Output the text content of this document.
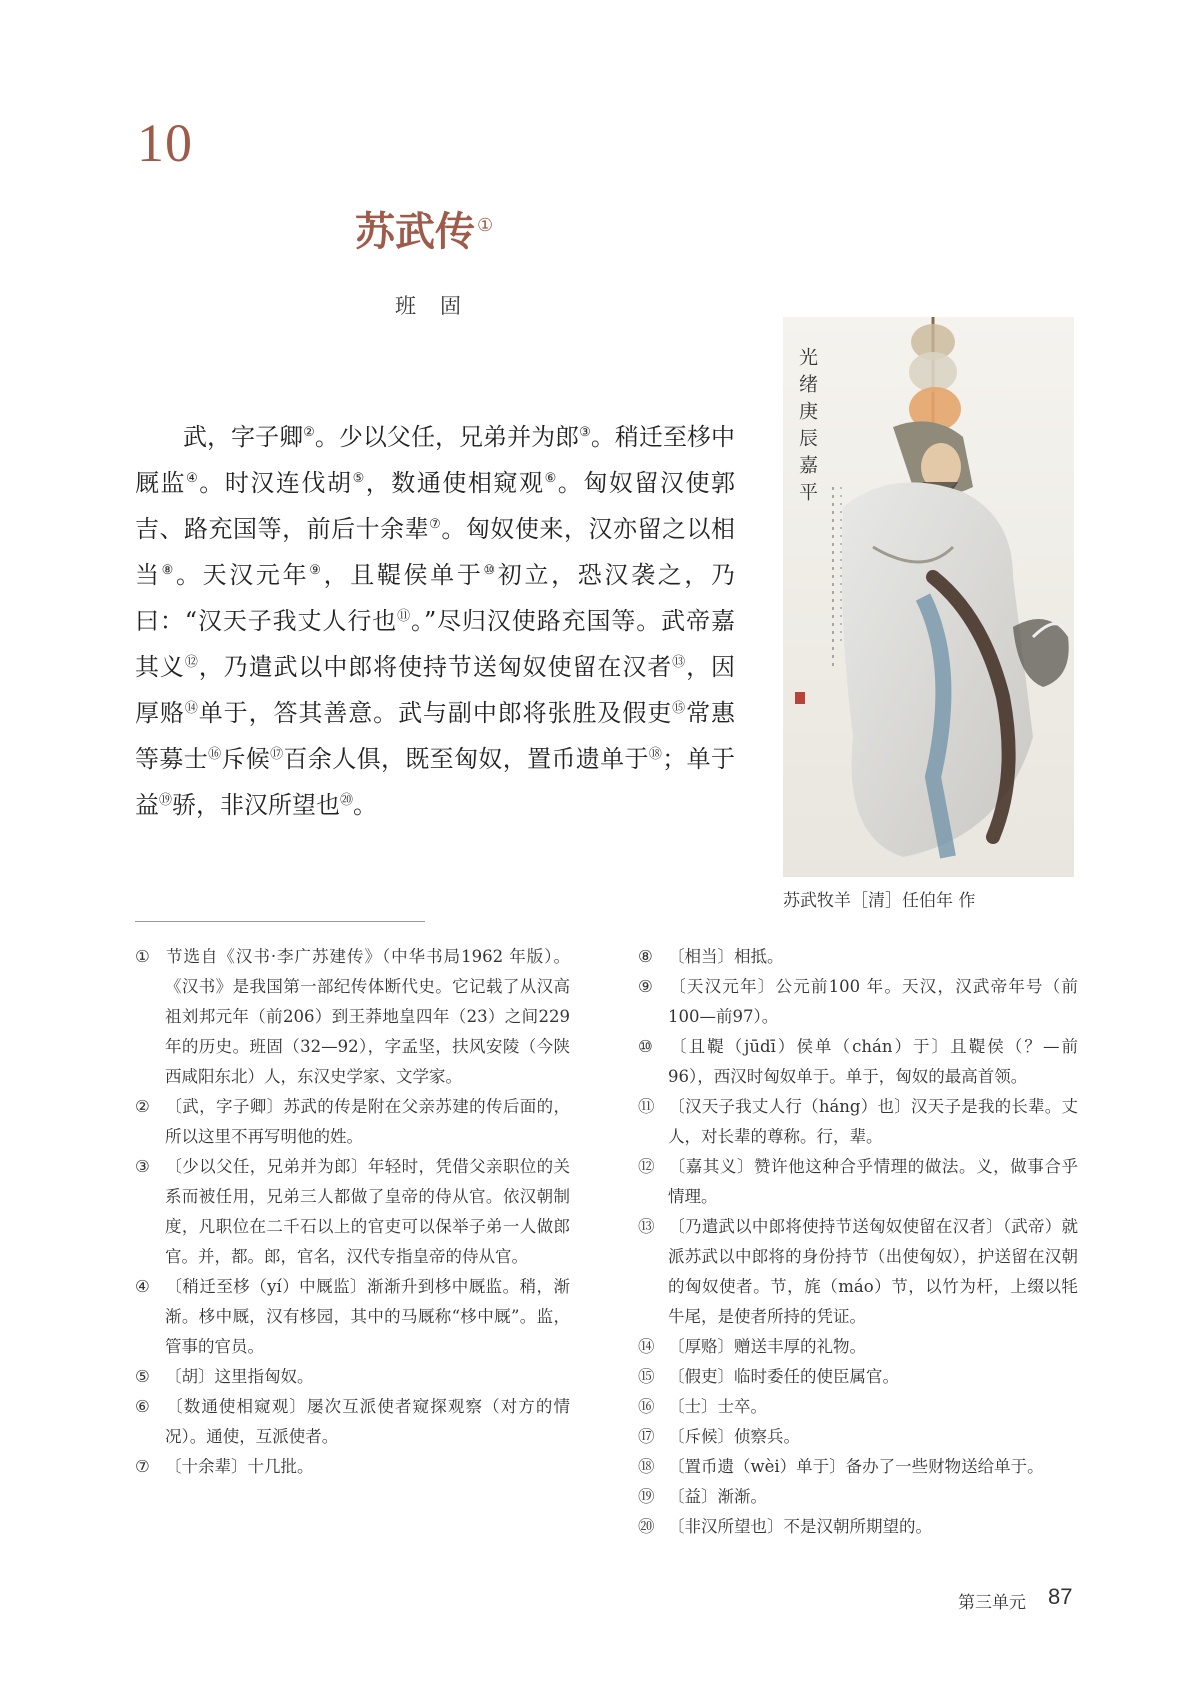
10
苏武传 ①
班固

武，字子卿②。少以父任，兄弟并为郎③。稍迁至栘中厩监④。时汉连伐胡⑤，数通使相窥观⑥。匈奴留汉使郭吉、路充国等，前后十余辈⑦。匈奴使来，汉亦留之以相当⑧。天汉元年⑨，且鞮侯单于⑩初立，恐汉袭之，乃曰：“汉天子我丈人行也⑪。”尽归汉使路充国等。武帝嘉其义⑫，乃遣武以中郎将使持节送匈奴使留在汉者⑬，因厚赂⑭单于，答其善意。武与副中郎将张胜及假吏⑮常惠等募士⑯斥候⑰百余人俱，既至匈奴，置币遗单于⑱；单于益⑲骄，非汉所望也⑳。

光绪庚辰嘉平
苏武牧羊［清］任伯年 作
① 节选自《汉书·李广苏建传》（中华书局1962 年版）。《汉书》是我国第一部纪传体断代史。它记载了从汉高祖刘邦元年（前206）到王莽地皇四年（23）之间229 年的历史。班固（32—92），字孟坚，扶风安陵（今陕西咸阳东北）人，东汉史学家、文学家。
② 〔武，字子卿〕苏武的传是附在父亲苏建的传后面的，所以这里不再写明他的姓。
③ 〔少以父任，兄弟并为郎〕年轻时，凭借父亲职位的关系而被任用，兄弟三人都做了皇帝的侍从官。依汉朝制度，凡职位在二千石以上的官吏可以保举子弟一人做郎官。并，都。郎，官名，汉代专指皇帝的侍从官。
④ 〔稍迁至栘（yí）中厩监〕渐渐升到栘中厩监。稍，渐渐。栘中厩，汉有栘园，其中的马厩称“栘中厩”。监，管事的官员。
⑤ 〔胡〕这里指匈奴。
⑥ 〔数通使相窥观〕屡次互派使者窥探观察（对方的情况）。通使，互派使者。
⑦ 〔十余辈〕十几批。
⑧ 〔相当〕相抵。
⑨ 〔天汉元年〕公元前100 年。天汉，汉武帝年号（前100—前97）。
⑩ 〔且鞮（jūdī）侯单（chán）于〕且鞮侯（？—前96），西汉时匈奴单于。单于，匈奴的最高首领。
⑪ 〔汉天子我丈人行（háng）也〕汉天子是我的长辈。丈人，对长辈的尊称。行，辈。
⑫ 〔嘉其义〕赞许他这种合乎情理的做法。义，做事合乎情理。
⑬ 〔乃遣武以中郎将使持节送匈奴使留在汉者〕（武帝）就派苏武以中郎将的身份持节（出使匈奴），护送留在汉朝的匈奴使者。节，旄（máo）节，以竹为杆，上缀以牦牛尾，是使者所持的凭证。
⑭ 〔厚赂〕赠送丰厚的礼物。
⑮ 〔假吏〕临时委任的使臣属官。
⑯ 〔士〕士卒。
⑰ 〔斥候〕侦察兵。
⑱ 〔置币遗（wèi）单于〕备办了一些财物送给单于。
⑲ 〔益〕渐渐。
⑳ 〔非汉所望也〕不是汉朝所期望的。
第三单元 87
